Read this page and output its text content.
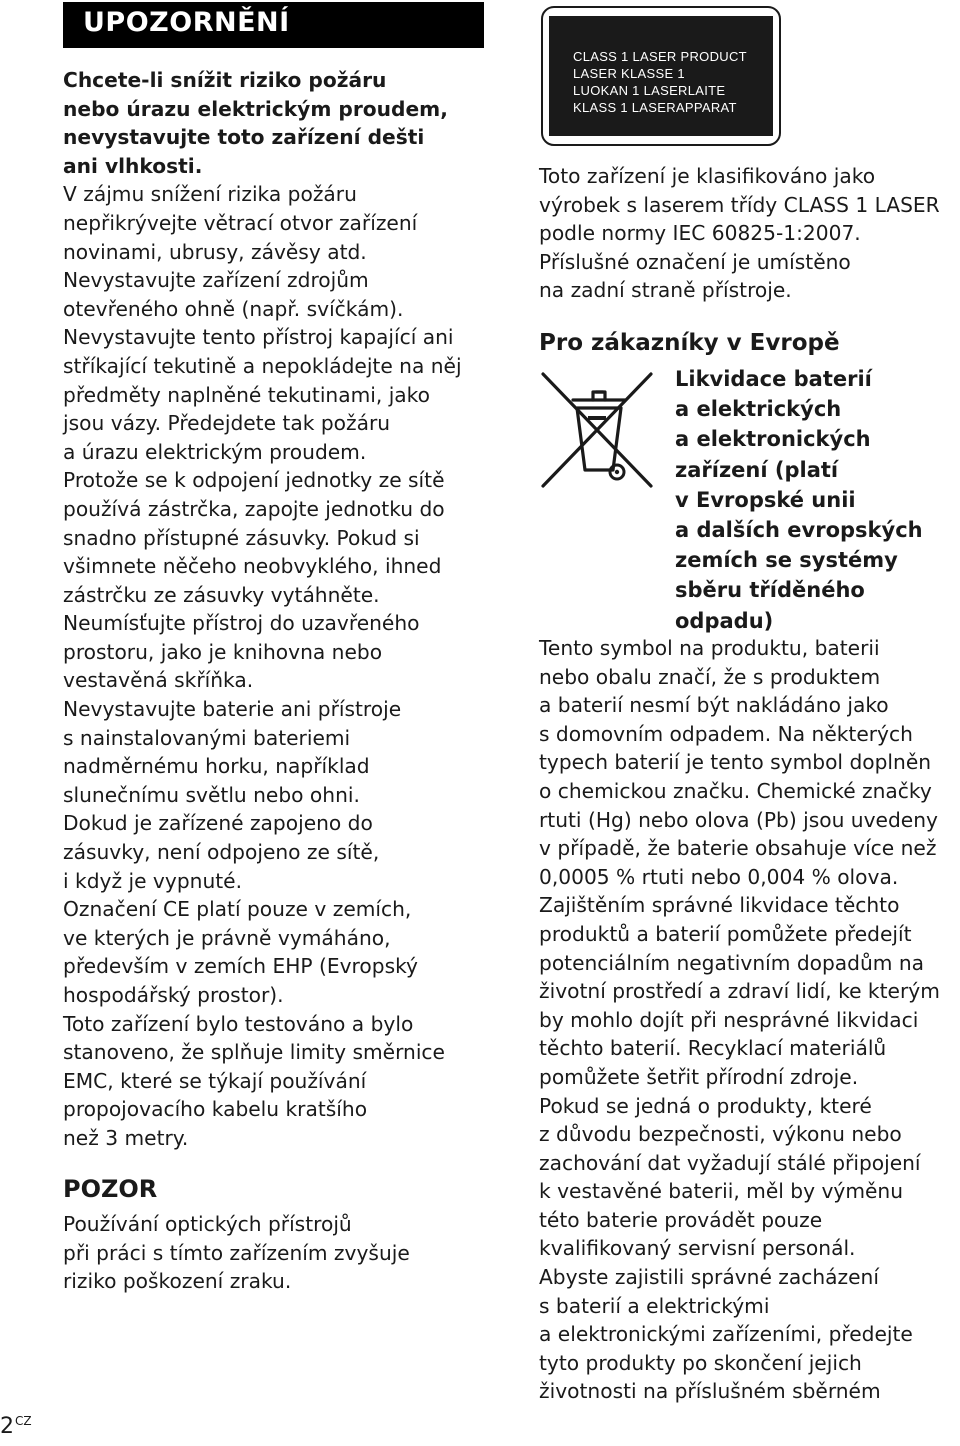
UPOZORNĚNÍ

Chcete-li snížit riziko požáru

nebo úrazu elektrickým proudem,

nevystavujte toto zařízení dešti

ani vlhkosti.

V zájmu snížení rizika požáru

nepřikrývejte větrací otvor zařízení

novinami, ubrusy, závěsy atd.

Nevystavujte zařízení zdrojům

otevřeného ohně (např. svíčkám).

Nevystavujte tento přístroj kapající ani

stříkající tekutině a nepokládejte na něj

předměty naplněné tekutinami, jako

jsou vázy. Předejdete tak požáru

a úrazu elektrickým proudem.

Protože se k odpojení jednotky ze sítě

používá zástrčka, zapojte jednotku do

snadno přístupné zásuvky. Pokud si

všimnete něčeho neobvyklého, ihned

zástrčku ze zásuvky vytáhněte.

Neumísťujte přístroj do uzavřeného

prostoru, jako je knihovna nebo

vestavěná skříňka.

Nevystavujte baterie ani přístroje

s nainstalovanými bateriemi

nadměrnému horku, například

slunečnímu světlu nebo ohni.

Dokud je zařízené zapojeno do

zásuvky, není odpojeno ze sítě,

i když je vypnuté.

Označení CE platí pouze v zemích,

ve kterých je právně vymáháno,

především v zemích EHP (Evropský

hospodářský prostor).

Toto zařízení bylo testováno a bylo

stanoveno, že splňuje limity směrnice

EMC, které se týkají používání

propojovacího kabelu kratšího

než 3 metry.

POZOR

Používání optických přístrojů

při práci s tímto zařízením zvyšuje

riziko poškození zraku.

CLASS 1 LASER PRODUCT
LASER KLASSE 1
LUOKAN 1 LASERLAITE
KLASS 1 LASERAPPARAT

Toto zařízení je klasifikováno jako

výrobek s laserem třídy CLASS 1 LASER

podle normy IEC 60825-1:2007.

Příslušné označení je umístěno

na zadní straně přístroje.

Pro zákazníky v Evropě

Likvidace baterií

a elektrických

a elektronických

zařízení (platí

v Evropské unii

a dalších evropských

zemích se systémy

sběru tříděného

odpadu)

Tento symbol na produktu, baterii

nebo obalu značí, že s produktem

a baterií nesmí být nakládáno jako

s domovním odpadem. Na některých

typech baterií je tento symbol doplněn

o chemickou značku. Chemické značky

rtuti (Hg) nebo olova (Pb) jsou uvedeny

v případě, že baterie obsahuje více než

0,0005 % rtuti nebo 0,004 % olova.

Zajištěním správné likvidace těchto

produktů a baterií pomůžete předejít

potenciálním negativním dopadům na

životní prostředí a zdraví lidí, ke kterým

by mohlo dojít při nesprávné likvidaci

těchto baterií. Recyklací materiálů

pomůžete šetřit přírodní zdroje.

Pokud se jedná o produkty, které

z důvodu bezpečnosti, výkonu nebo

zachování dat vyžadují stálé připojení

k vestavěné baterii, měl by výměnu

této baterie provádět pouze

kvalifikovaný servisní personál.

Abyste zajistili správné zacházení

s baterií a elektrickými

a elektronickými zařízeními, předejte

tyto produkty po skončení jejich

životnosti na příslušném sběrném

$2^{CZ}$
